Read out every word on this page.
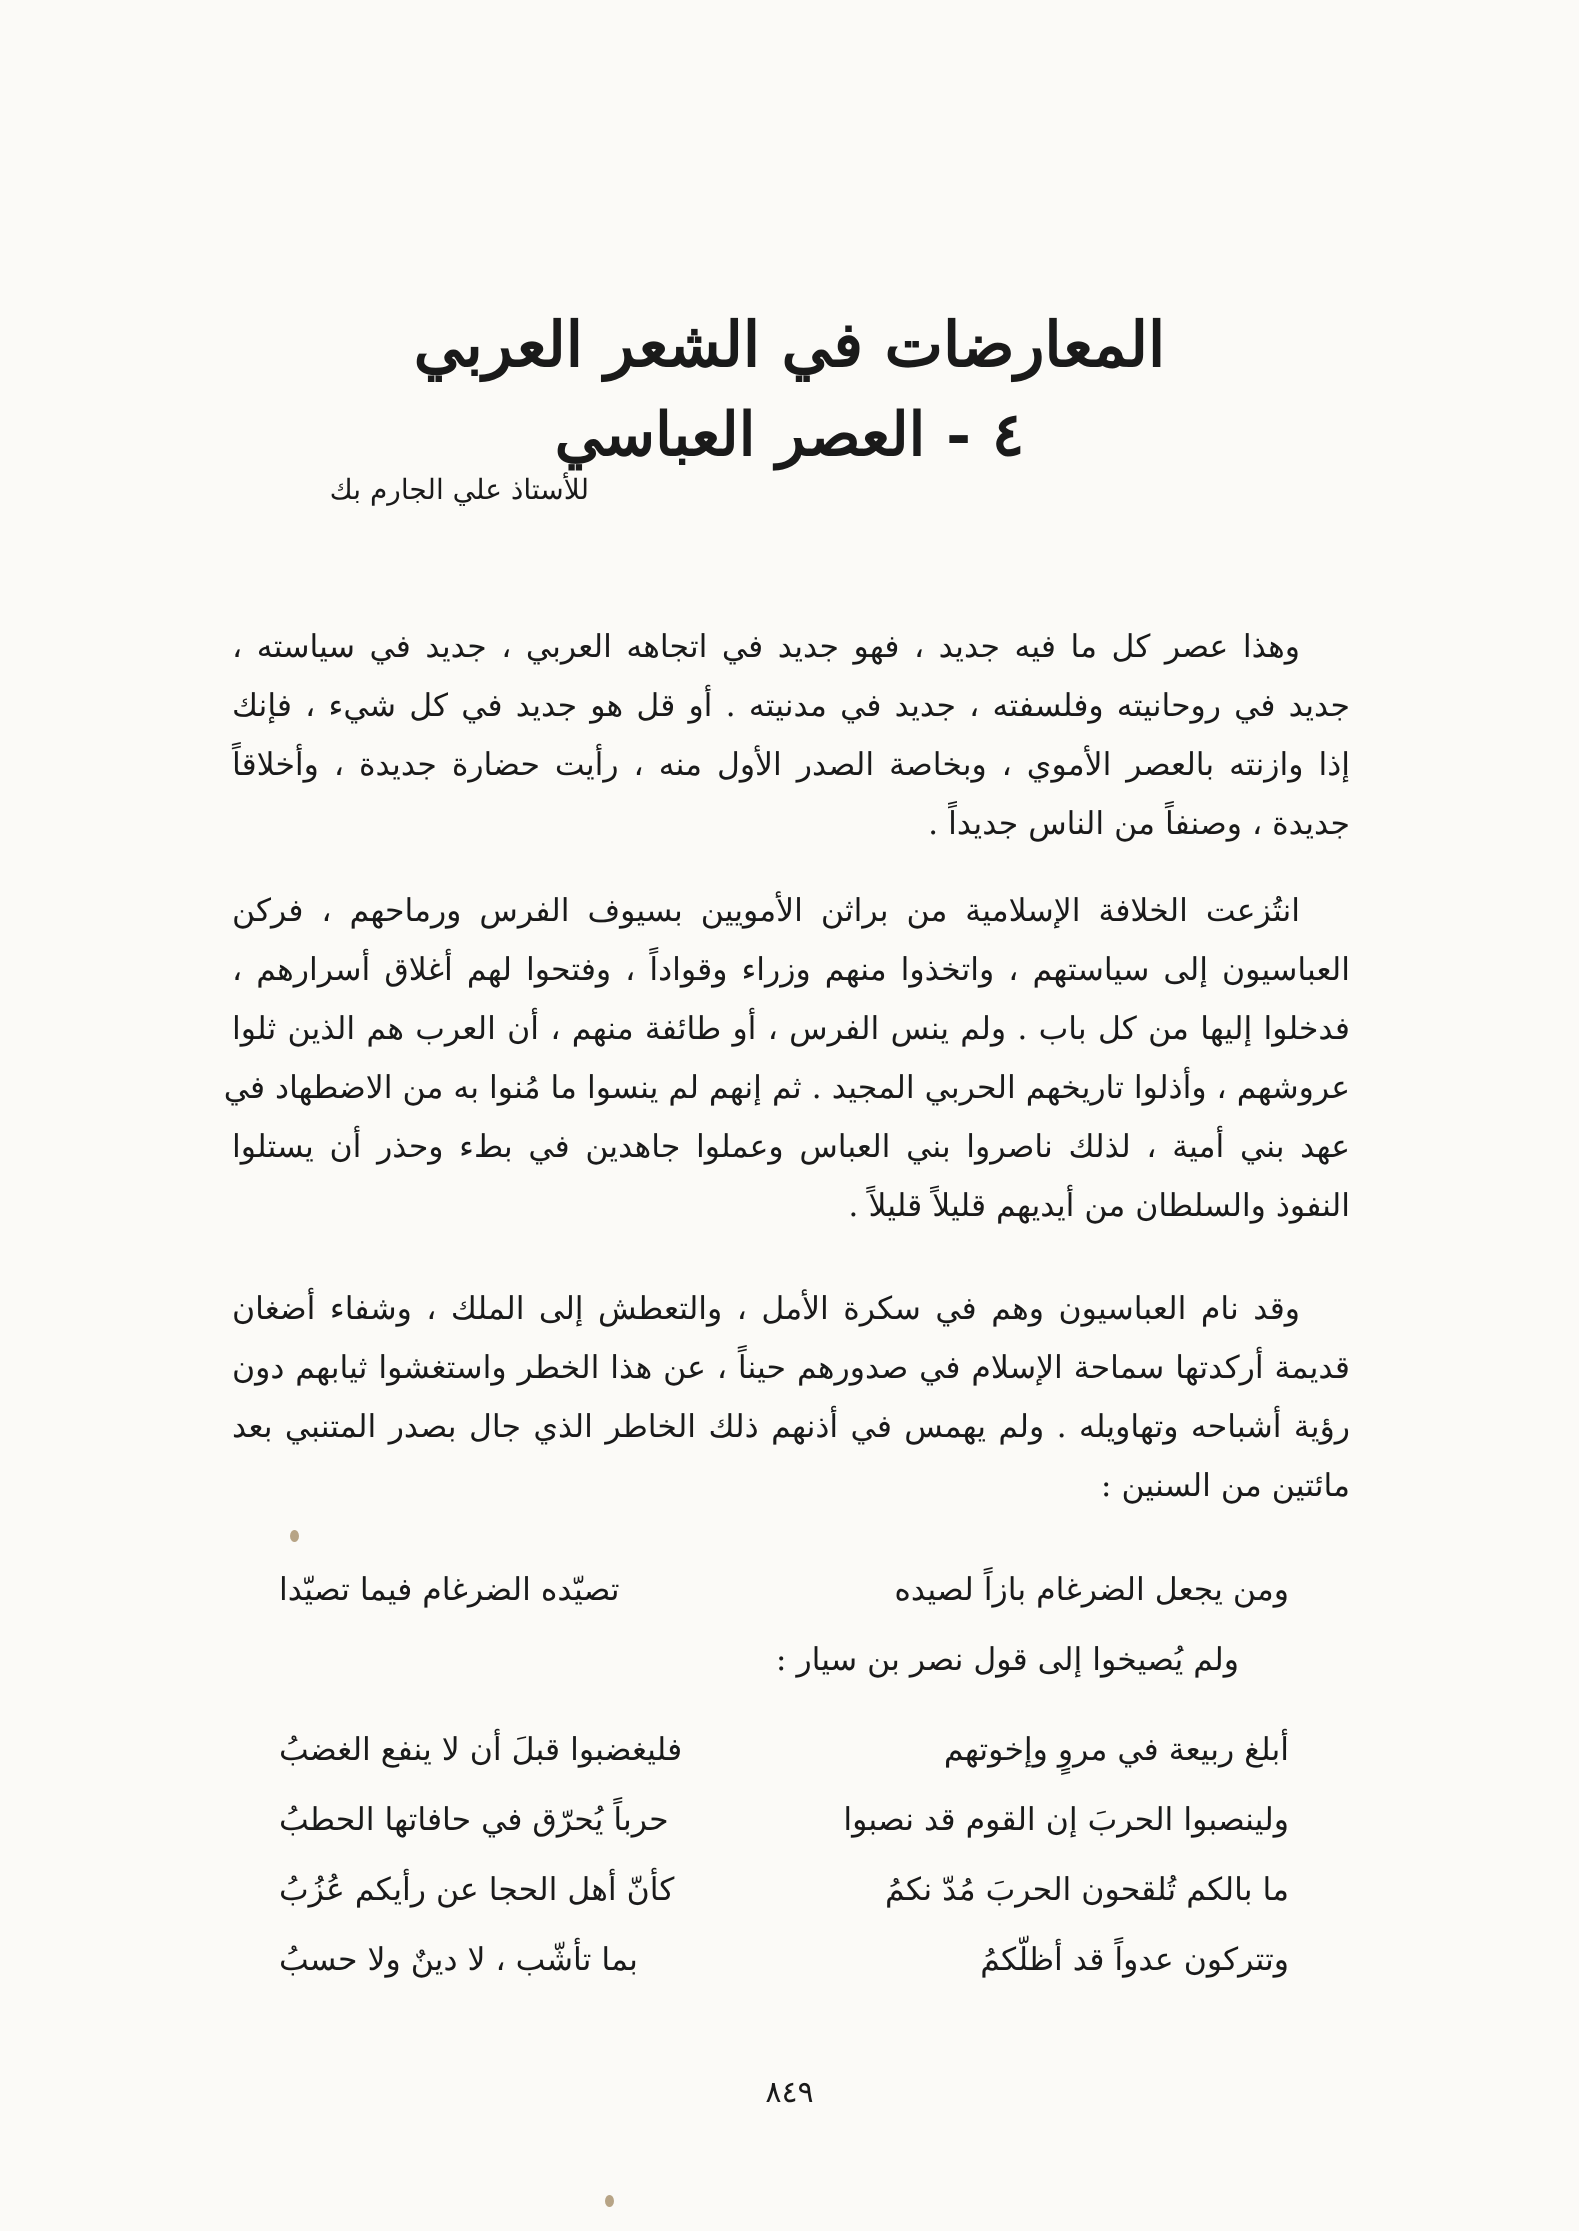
المعارضات في الشعر العربي
٤ - العصر العباسي
للأستاذ علي الجارم بك
وهذا عصر كل ما فيه جديد ، فهو جديد في اتجاهه العربي ، جديد في سياسته ،
جديد في روحانيته وفلسفته ، جديد في مدنيته . أو قل هو جديد في كل شيء ، فإنك
إذا وازنته بالعصر الأموي ، وبخاصة الصدر الأول منه ، رأيت حضارة جديدة ، وأخلاقاً
جديدة ، وصنفاً من الناس جديداً .
انتُزعت الخلافة الإسلامية من براثن الأمويين بسيوف الفرس ورماحهم ، فركن
العباسيون إلى سياستهم ، واتخذوا منهم وزراء وقواداً ، وفتحوا لهم أغلاق أسرارهم ،
فدخلوا إليها من كل باب . ولم ينس الفرس ، أو طائفة منهم ، أن العرب هم الذين ثلوا
عروشهم ، وأذلوا تاريخهم الحربي المجيد . ثم إنهم لم ينسوا ما مُنوا به من الاضطهاد في
عهد بني أمية ، لذلك ناصروا بني العباس وعملوا جاهدين في بطء وحذر أن يستلوا
النفوذ والسلطان من أيديهم قليلاً قليلاً .
وقد نام العباسيون وهم في سكرة الأمل ، والتعطش إلى الملك ، وشفاء أضغان
قديمة أركدتها سماحة الإسلام في صدورهم حيناً ، عن هذا الخطر واستغشوا ثيابهم دون
رؤية أشباحه وتهاويله . ولم يهمس في أذنهم ذلك الخاطر الذي جال بصدر المتنبي بعد
مائتين من السنين :
ومن يجعل الضرغام بازاً لصيده
تصيّده الضرغام فيما تصيّدا
ولم يُصيخوا إلى قول نصر بن سيار :
أبلغ ربيعة في مروٍ وإخوتهم
فليغضبوا قبلَ أن لا ينفع الغضبُ
ولينصبوا الحربَ إن القوم قد نصبوا
حرباً يُحرّق في حافاتها الحطبُ
ما بالكم تُلقحون الحربَ مُدّ نكمُ
كأنّ أهل الحجا عن رأيكم عُزُبُ
وتتركون عدواً قد أظلّكمُ
بما تأشّب ، لا دينٌ ولا حسبُ
٨٤٩
